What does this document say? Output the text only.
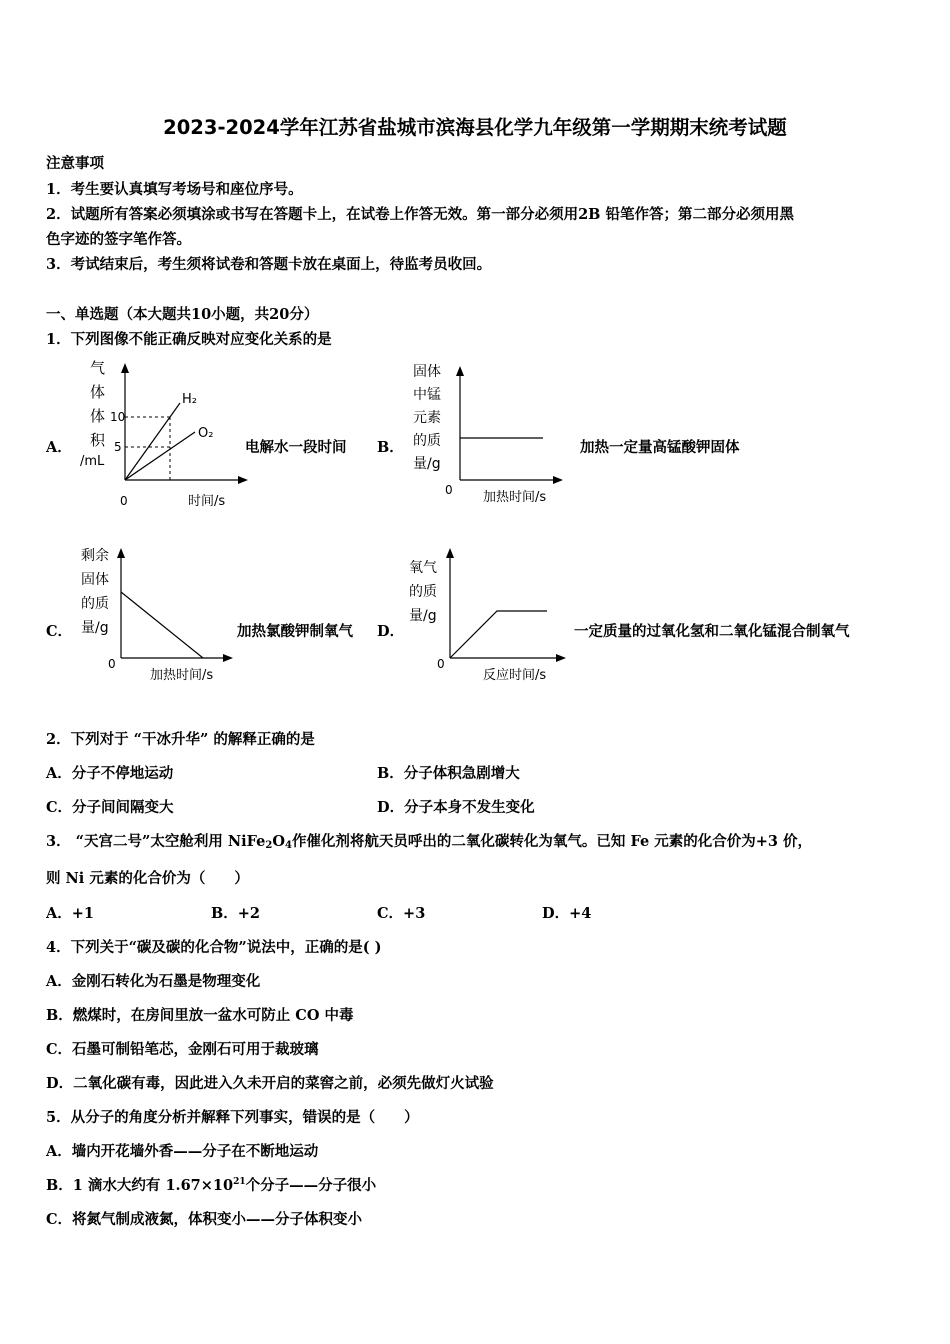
2023-2024学年江苏省盐城市滨海县化学九年级第一学期期末统考试题
注意事项
1．考生要认真填写考场号和座位序号。
2．试题所有答案必须填涂或书写在答题卡上，在试卷上作答无效。第一部分必须用2B 铅笔作答；第二部分必须用黑
色字迹的签字笔作答。
3．考试结束后，考生须将试卷和答题卡放在桌面上，待监考员收回。
一、单选题（本大题共10小题，共20分）
1．下列图像不能正确反映对应变化关系的是
A．
气
体
体
积
/mL
10
5
H₂
O₂
0	时间/s
电解水一段时间 B．
固体
中锰
元素
的质
量/g
0 加热时间/s
加热一定量高锰酸钾固体
C．
剩余
固体
的质
量/g
0
加热时间/s
加热氯酸钾制氧气 D．
氧气
的质
量/g
0
反应时间/s
一定质量的过氧化氢和二氧化锰混合制氧气
2．下列对于 “干冰升华” 的解释正确的是
A．分子不停地运动	B．分子体积急剧增大
C．分子间间隔变大	D．分子本身不发生变化
3． “天宫二号”太空舱利用 $NiFe_2O_4$作催化剂将航天员呼出的二氧化碳转化为氧气。已知 Fe 元素的化合价为+3 价，
则 Ni 元素的化合价为（　　）
A．+1	B．+2	C．+3	D．+4
4．下列关于“碳及碳的化合物”说法中，正确的是( )
A．金刚石转化为石墨是物理变化
B．燃煤时，在房间里放一盆水可防止 CO 中毒
C．石墨可制铅笔芯，金刚石可用于裁玻璃
D．二氧化碳有毒，因此进入久未开启的菜窖之前，必须先做灯火试验
5．从分子的角度分析并解释下列事实，错误的是（　　）
A．墙内开花墙外香——分子在不断地运动
B．1 滴水大约有 $1.67\times 10^{21}$个分子——分子很小
C．将氮气制成液氮，体积变小——分子体积变小
